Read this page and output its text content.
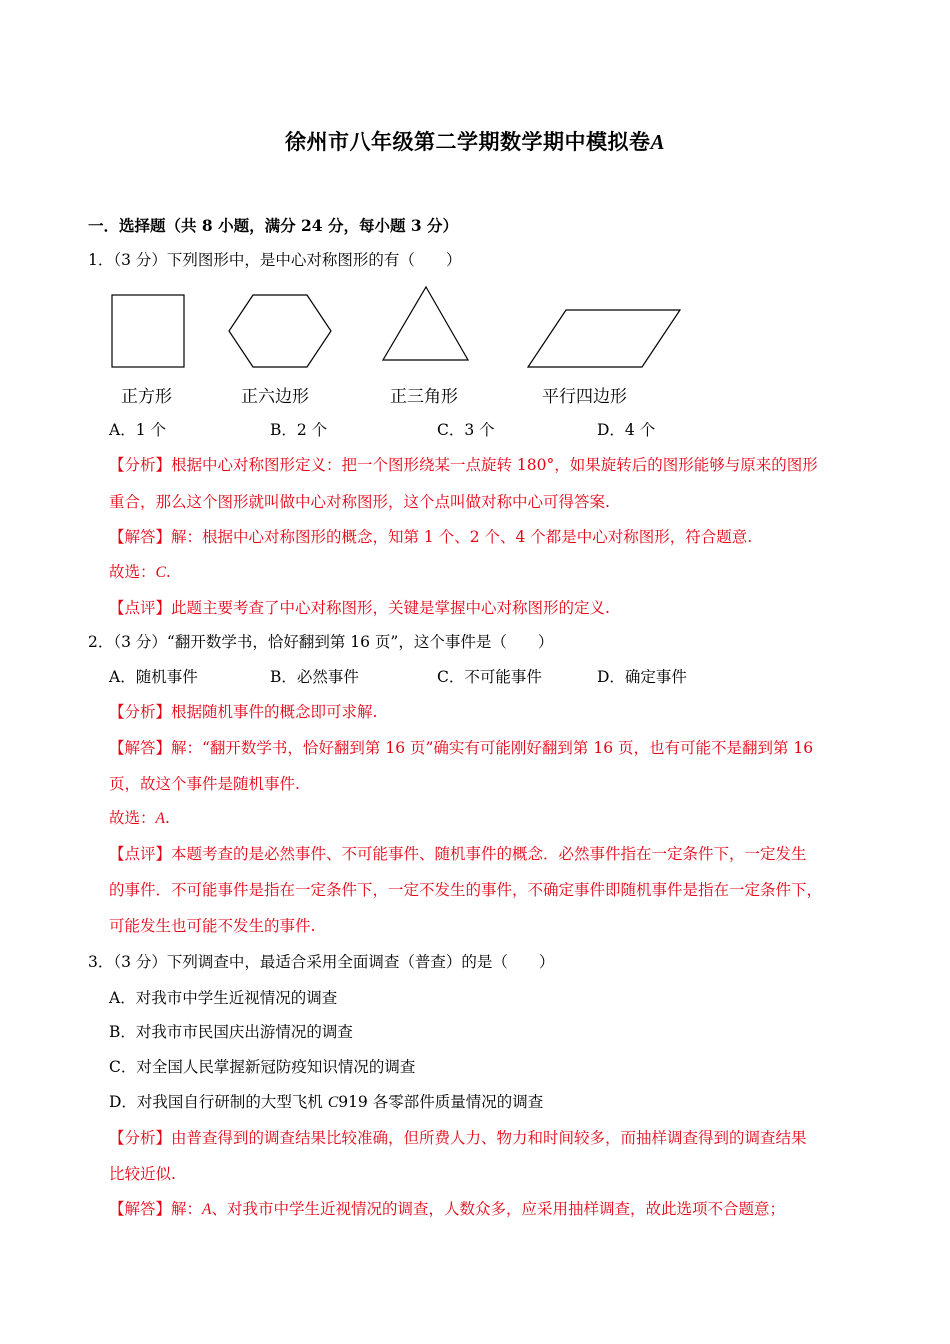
徐州市八年级第二学期数学期中模拟卷A
一．选择题（共 8 小题，满分 24 分，每小题 3 分）
1．（3 分）下列图形中，是中心对称图形的有（　　）
正方形	正六边形	正三角形	平行四边形
A．1 个	B．2 个	C．3 个	D．4 个
【分析】根据中心对称图形定义：把一个图形绕某一点旋转 180°，如果旋转后的图形能够与原来的图形
重合，那么这个图形就叫做中心对称图形，这个点叫做对称中心可得答案.
【解答】解：根据中心对称图形的概念，知第 1 个、2 个、4 个都是中心对称图形，符合题意.
故选：C.
【点评】此题主要考查了中心对称图形，关键是掌握中心对称图形的定义.
2．（3 分）“翻开数学书，恰好翻到第 16 页”，这个事件是（　　）
A．随机事件	B．必然事件	C．不可能事件	D．确定事件
【分析】根据随机事件的概念即可求解.
【解答】解：“翻开数学书，恰好翻到第 16 页”确实有可能刚好翻到第 16 页，也有可能不是翻到第 16
页，故这个事件是随机事件.
故选：A.
【点评】本题考查的是必然事件、不可能事件、随机事件的概念．必然事件指在一定条件下，一定发生
的事件．不可能事件是指在一定条件下，一定不发生的事件，不确定事件即随机事件是指在一定条件下，
可能发生也可能不发生的事件.
3．（3 分）下列调查中，最适合采用全面调查（普查）的是（　　）
A．对我市中学生近视情况的调查
B．对我市市民国庆出游情况的调查
C．对全国人民掌握新冠防疫知识情况的调查
D．对我国自行研制的大型飞机 C919 各零部件质量情况的调查
【分析】由普查得到的调查结果比较准确，但所费人力、物力和时间较多，而抽样调查得到的调查结果
比较近似.
【解答】解：A、对我市中学生近视情况的调查，人数众多，应采用抽样调查，故此选项不合题意；
